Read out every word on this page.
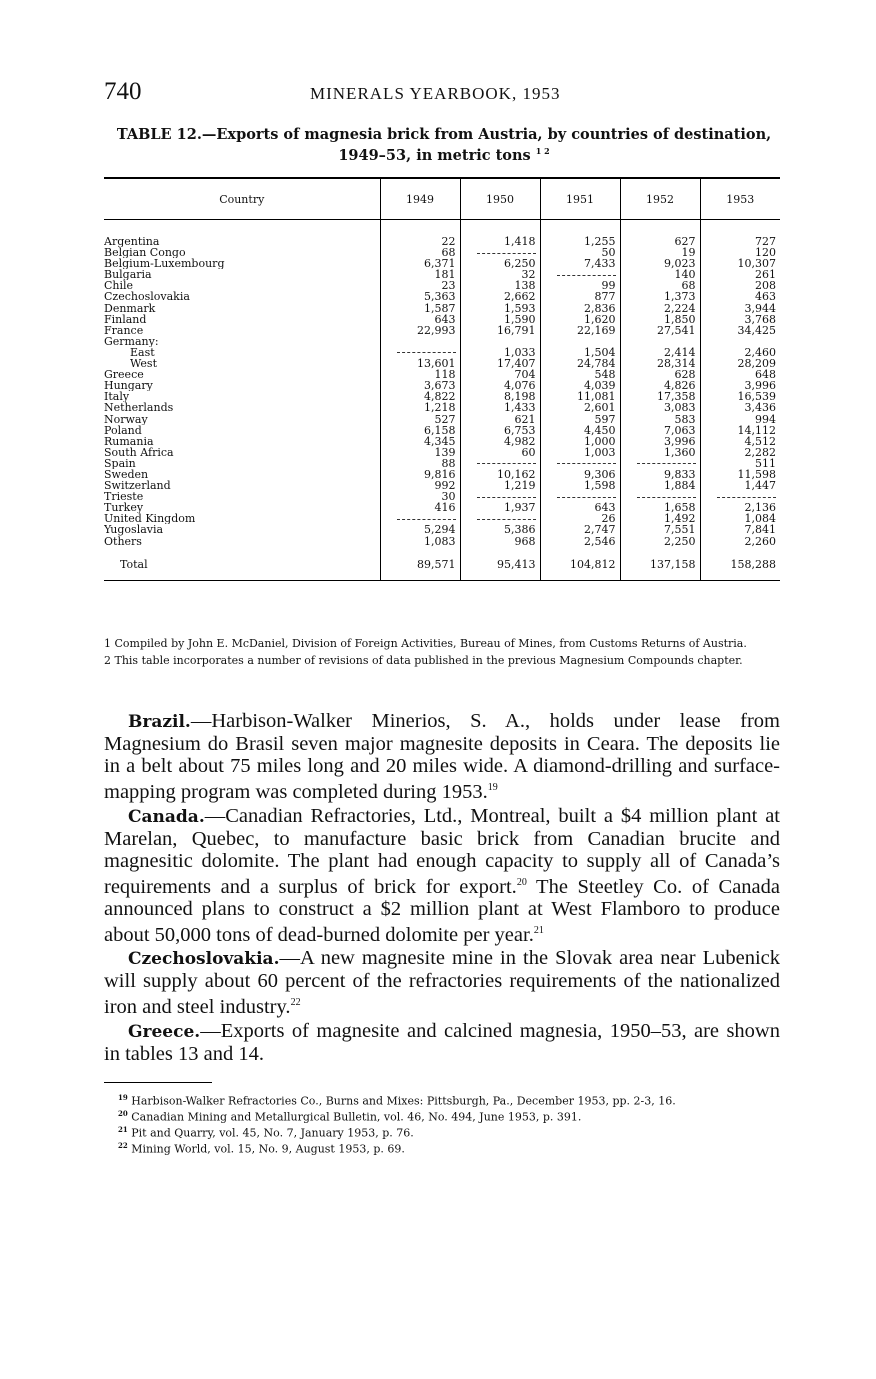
740	MINERALS YEARBOOK, 1953
TABLE 12.—Exports of magnesia brick from Austria, by countries of destination,
1949–53, in metric tons $^{1 2}$
Country	1949	1950	1951	1952	1953
Argentina	22	1,418	1,255	627	727
Belgian Congo	68		50	19	120
Belgium-Luxembourg	6,371	6,250	7,433	9,023	10,307
Bulgaria	181	32		140	261
Chile	23	138	99	68	208
Czechoslovakia	5,363	2,662	877	1,373	463
Denmark	1,587	1,593	2,836	2,224	3,944
Finland	643	1,590	1,620	1,850	3,768
France	22,993	16,791	22,169	27,541	34,425
Germany:					
East		1,033	1,504	2,414	2,460
West	13,601	17,407	24,784	28,314	28,209
Greece	118	704	548	628	648
Hungary	3,673	4,076	4,039	4,826	3,996
Italy	4,822	8,198	11,081	17,358	16,539
Netherlands	1,218	1,433	2,601	3,083	3,436
Norway	527	621	597	583	994
Poland	6,158	6,753	4,450	7,063	14,112
Rumania	4,345	4,982	1,000	3,996	4,512
South Africa	139	60	1,003	1,360	2,282
Spain	88				511
Sweden	9,816	10,162	9,306	9,833	11,598
Switzerland	992	1,219	1,598	1,884	1,447
Trieste	30				
Turkey	416	1,937	643	1,658	2,136
United Kingdom			26	1,492	1,084
Yugoslavia	5,294	5,386	2,747	7,551	7,841
Others	1,083	968	2,546	2,250	2,260
Total	89,571	95,413	104,812	137,158	158,288

1 Compiled by John E. McDaniel, Division of Foreign Activities, Bureau of Mines, from Customs Returns of Austria.

2 This table incorporates a number of revisions of data published in the previous Magnesium Compounds chapter.

Brazil.—Harbison-Walker Minerios, S. A., holds under lease from Magnesium do Brasil seven major magnesite deposits in Ceara. The deposits lie in a belt about 75 miles long and 20 miles wide. A diamond-drilling and surface-mapping program was completed during 1953.19

Canada.—Canadian Refractories, Ltd., Montreal, built a $4 million plant at Marelan, Quebec, to manufacture basic brick from Canadian brucite and magnesitic dolomite. The plant had enough capacity to supply all of Canada’s requirements and a surplus of brick for export.$^{20}$ The Steetley Co. of Canada announced plans to construct a $2 million plant at West Flamboro to produce about 50,000 tons of dead-burned dolomite per year.$^{21}$

Czechoslovakia.—A new magnesite mine in the Slovak area near Lubenick will supply about 60 percent of the refractories requirements of the nationalized iron and steel industry.$^{22}$

Greece.—Exports of magnesite and calcined magnesia, 1950–53, are shown in tables 13 and 14.

$^{19}$ Harbison-Walker Refractories Co., Burns and Mixes: Pittsburgh, Pa., December 1953, pp. 2-3, 16.
$^{20}$ Canadian Mining and Metallurgical Bulletin, vol. 46, No. 494, June 1953, p. 391.
$^{21}$ Pit and Quarry, vol. 45, No. 7, January 1953, p. 76.
$^{22}$ Mining World, vol. 15, No. 9, August 1953, p. 69.
